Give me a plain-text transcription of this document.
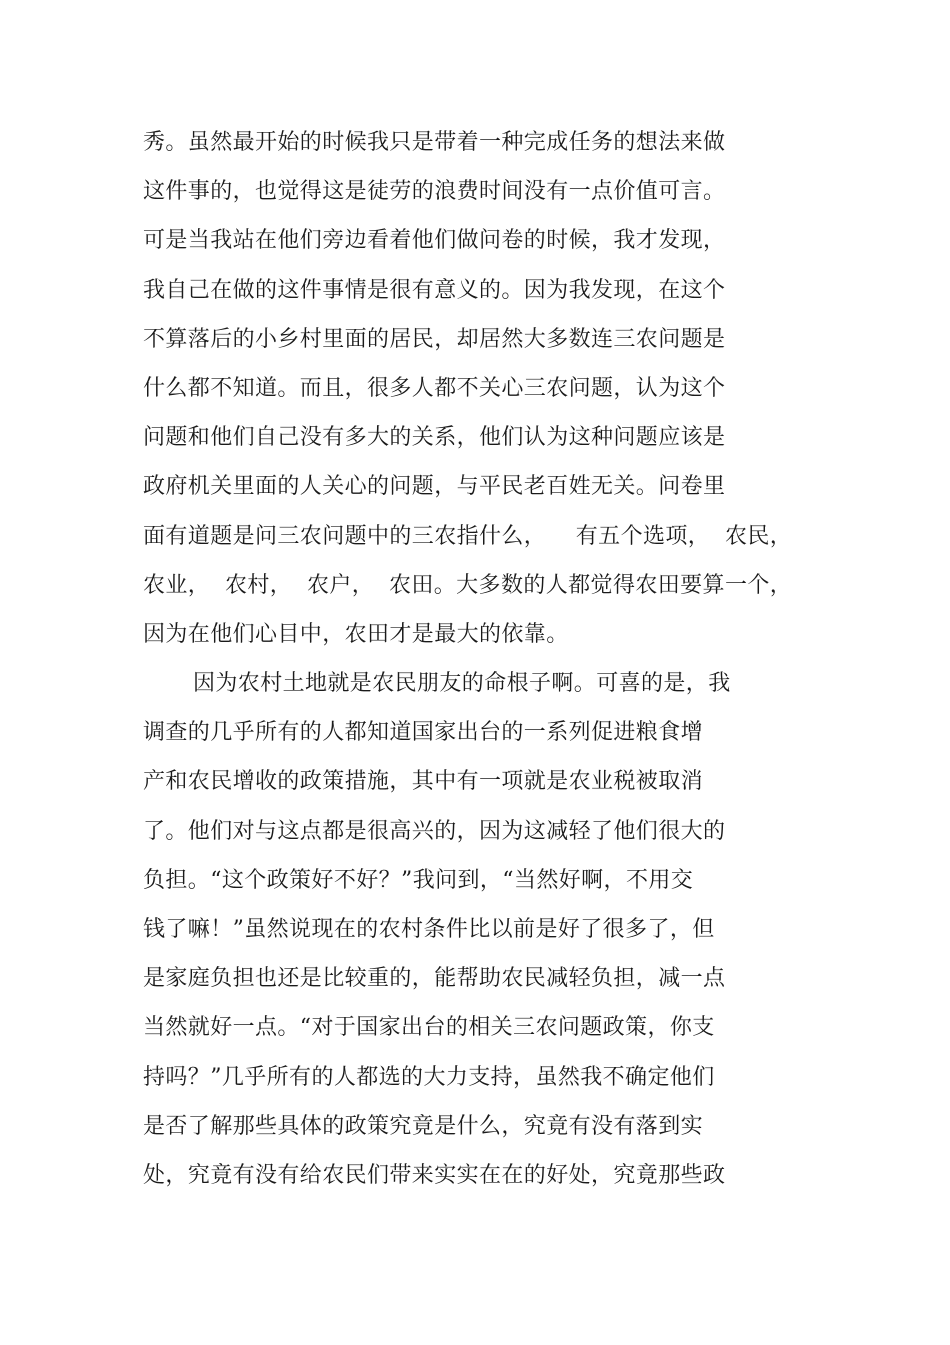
秀。虽然最开始的时候我只是带着一种完成任务的想法来做
这件事的，也觉得这是徒劳的浪费时间没有一点价值可言。
可是当我站在他们旁边看着他们做问卷的时候，我才发现，
我自己在做的这件事情是很有意义的。因为我发现，在这个
不算落后的小乡村里面的居民，却居然大多数连三农问题是
什么都不知道。而且，很多人都不关心三农问题，认为这个
问题和他们自己没有多大的关系，他们认为这种问题应该是
政府机关里面的人关心的问题，与平民老百姓无关。问卷里
面有道题是问三农问题中的三农指什么，    有五个选项，  农民，
农业，  农村，  农户，  农田。大多数的人都觉得农田要算一个，
因为在他们心目中，农田才是最大的依靠。
因为农村土地就是农民朋友的命根子啊。可喜的是，我
调查的几乎所有的人都知道国家出台的一系列促进粮食增
产和农民增收的政策措施，其中有一项就是农业税被取消
了。他们对与这点都是很高兴的，因为这减轻了他们很大的
负担。“这个政策好不好？”我问到，“当然好啊，不用交
钱了嘛！”虽然说现在的农村条件比以前是好了很多了，但
是家庭负担也还是比较重的，能帮助农民减轻负担，减一点
当然就好一点。“对于国家出台的相关三农问题政策，你支
持吗？”几乎所有的人都选的大力支持，虽然我不确定他们
是否了解那些具体的政策究竟是什么，究竟有没有落到实
处，究竟有没有给农民们带来实实在在的好处，究竟那些政
